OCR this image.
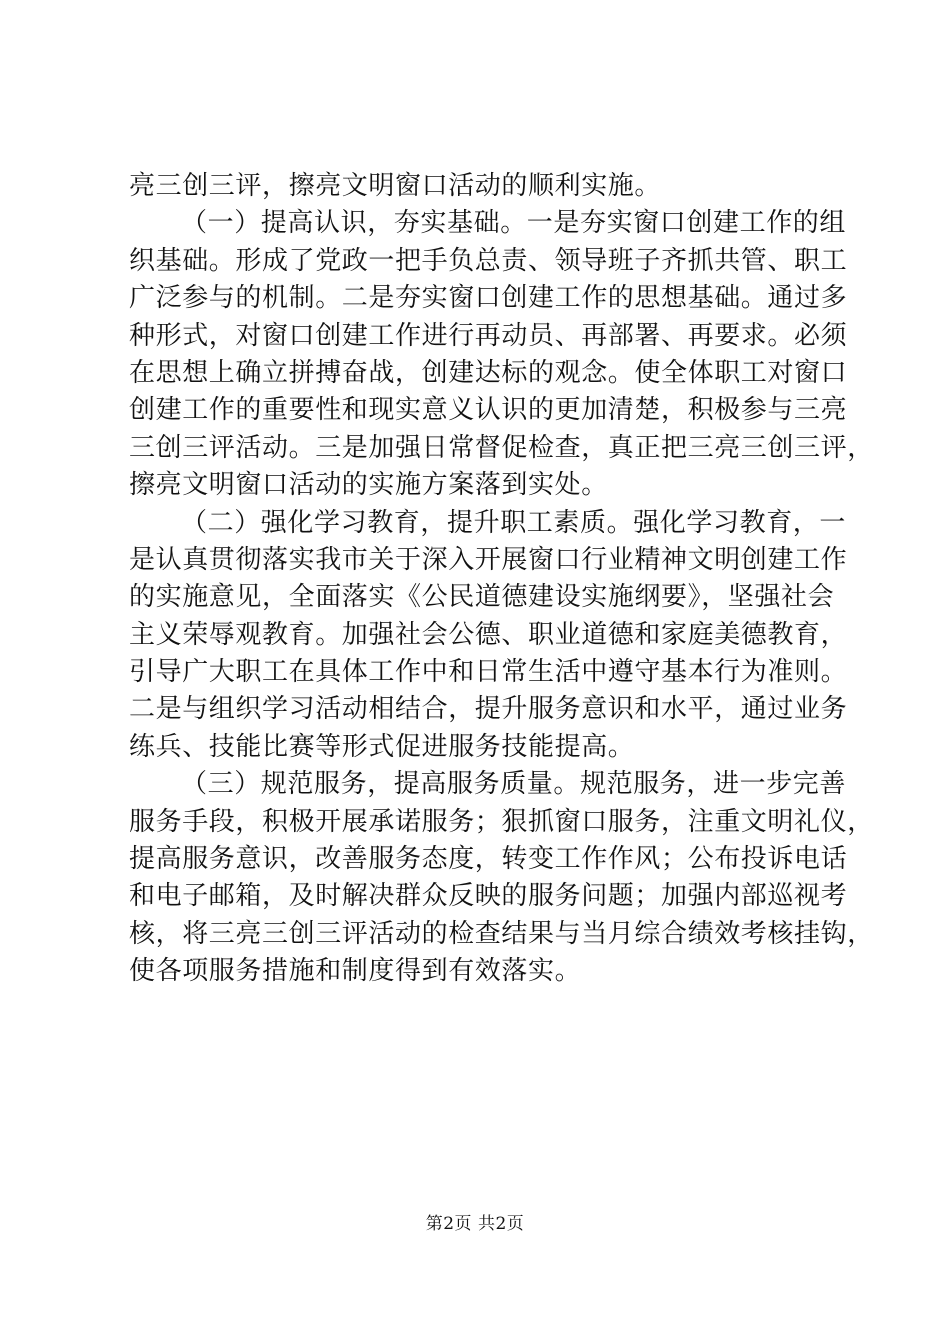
亮三创三评，擦亮文明窗口活动的顺利实施。
（一）提高认识，夯实基础。一是夯实窗口创建工作的组
织基础。形成了党政一把手负总责、领导班子齐抓共管、职工
广泛参与的机制。二是夯实窗口创建工作的思想基础。通过多
种形式，对窗口创建工作进行再动员、再部署、再要求。必须
在思想上确立拼搏奋战，创建达标的观念。使全体职工对窗口
创建工作的重要性和现实意义认识的更加清楚，积极参与三亮
三创三评活动。三是加强日常督促检查，真正把三亮三创三评，
擦亮文明窗口活动的实施方案落到实处。
（二）强化学习教育，提升职工素质。强化学习教育，一
是认真贯彻落实我市关于深入开展窗口行业精神文明创建工作
的实施意见，全面落实《公民道德建设实施纲要》，坚强社会
主义荣辱观教育。加强社会公德、职业道德和家庭美德教育，
引导广大职工在具体工作中和日常生活中遵守基本行为准则。
二是与组织学习活动相结合，提升服务意识和水平，通过业务
练兵、技能比赛等形式促进服务技能提高。
（三）规范服务，提高服务质量。规范服务，进一步完善
服务手段，积极开展承诺服务；狠抓窗口服务，注重文明礼仪，
提高服务意识，改善服务态度，转变工作作风；公布投诉电话
和电子邮箱，及时解决群众反映的服务问题；加强内部巡视考
核，将三亮三创三评活动的检查结果与当月综合绩效考核挂钩，
使各项服务措施和制度得到有效落实。
第2页 共2页
